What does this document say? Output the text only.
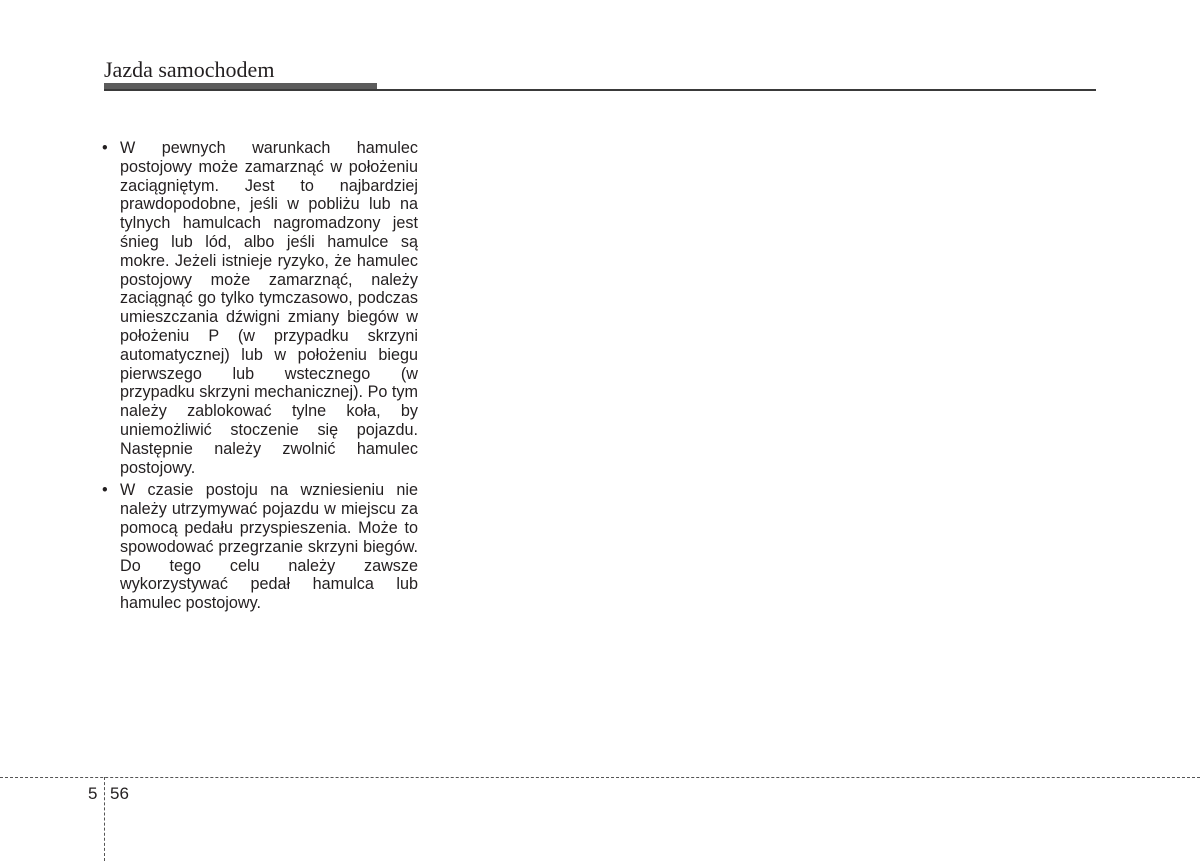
Jazda samochodem
• W pewnych warunkach hamulec postojowy może zamarznąć w położeniu zaciągniętym. Jest to najbardziej prawdopodobne, jeśli w pobliżu lub na tylnych hamulcach nagromadzony jest śnieg lub lód, albo jeśli hamulce są mokre. Jeżeli istnieje ryzyko, że hamulec postojowy może zamarznąć, należy zaciągnąć go tylko tymczasowo, podczas umieszczania dźwigni zmiany biegów w położeniu P (w przypadku skrzyni automatycznej) lub w położeniu biegu pierwszego lub wstecznego (w przypadku skrzyni mechanicznej). Po tym należy zablokować tylne koła, by uniemożliwić stoczenie się pojazdu. Następnie należy zwolnić hamulec postojowy.
• W czasie postoju na wzniesieniu nie należy utrzymywać pojazdu w miejscu za pomocą pedału przyspieszenia. Może to spowodować przegrzanie skrzyni biegów. Do tego celu należy zawsze wykorzystywać pedał hamulca lub hamulec postojowy.
5 56
